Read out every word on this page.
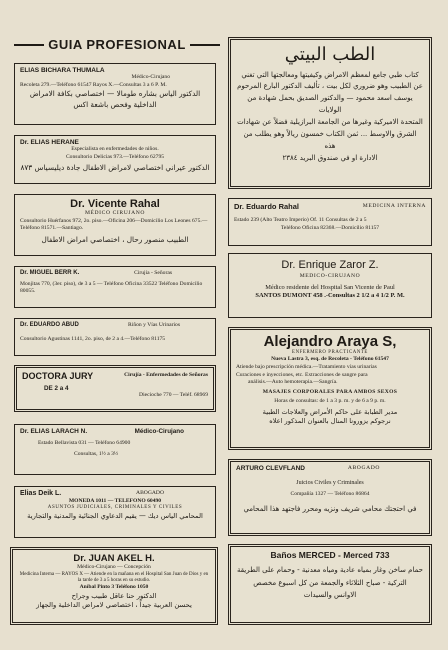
GUIA PROFESIONAL
ELIAS BICHARA THUMALA
Médico-Cirujano
Recoleta 279.—Teléfono 61547 Rayos X.—Consultas 3 a 6 P. M.
الدكتور الياس بشاره طومالا — اختصاصي بكافة الامراض
الداخلية وفحص باشعة اكس
Dr. ELIAS HERANE
Especialista en enfermedades de niños.
Consultorio Delicias 973.—Teléfono 62795
الدكتور عيراني اختصاصي لامراض الاطفال جادة ديليسياس ٨٧٣
Dr. Vicente Rahal
MÉDICO CIRUJANO
Consultorio Huérfanos 972, 2o. piso.—Oficina 206—Domicilio Los Leones 675.—Teléfono 81571.—Santiago.
الطبيب منصور رحال ، اختصاصي امراض الاطفال
Dr. MIGUEL BERR K.	Cirujía - Señoras
Monjitas 770, (3er. piso), de 3 a 5 — Teléfono Oficina 33522 Teléfono Domicilio 80055.
Dr. EDUARDO ABUD	Riñon y Vías Urinarios
Consultorio Agustinas 1141, 2o. piso, de 2 a 4.—Teléfono 81175
DOCTORA JURY	Cirujía - Enfermedades de Señoras
DE 2 a 4
Diecioche 770 — Teléf. 68969
Dr. ELIAS LARACH N.	Médico-Cirujano
Estado Bellavista 031 — Teléfono 64900
Consultas, 1½ a 3½
Elias Deik L.	ABOGADO
MONEDA 1011 — TELEFONO 60490
ASUNTOS JUDICIALES, CRIMINALES Y CIVILES
المحامي الياس ديك — يقيم الدعاوي الجنائية والمدنية والتجارية
Dr. JUAN AKEL H.
Médico-Cirujano — Concepción
Medicina Interna — RAYOS X — Atiende en la mañana en el Hospital San Juan de Dios y en la tarde de 3 a 5 horas en su estudio.
Aníbal Pinto 3 Teléfono 1050
الدكتور حنا عاقل طبيب وجراح
يحسن العربية جيداً ، اختصاصي لامراض الداخلية والجهاز
الطب البيتي
كتاب طبي جامع لمعظم الامراض وكيفيتها ومعالجتها التي تغني
عن الطبيب وهو ضروري لكل بيت ، تأليف الدكتور البارع المرحوم
يوسف اسعد محمود — والدكتور الصديق بحمل شهادة من الولايات
المتحدة الاميركية وغيرها من الجامعة البرازيلية فضلاً عن شهادات
الشرق والاوسط ... ثمن الكتاب خمسون ريالاً وهو يطلب من هذه
الادارة او في صندوق البريد ٢٣٨٤
Dr. Eduardo Rahal	MEDICINA INTERNA
Estado 239 (Alto Teatro Imperio) Of. 11 Consultas de 2 a 5
Teléfono Oficina 82368.—Domicilio 81157
Dr. Enrique Zaror Z.
MEDICO-CIRUJANO
Médico residente del Hospital San Vicente de Paul
SANTOS DUMONT 458 .-Consultas 2 1/2 a 4 1/2 P. M.
Alejandro Araya S,
ENFERMERO PRACTICANTE
Nueva Lastra 3, esq. de Recoleta - Teléfono 61547
Atiende bajo prescripción médica.—Tratamiento vías urinarias
Curaciones e inyecciones, etc. Extracciones de sangre para
análisis.—Auto hemoterapia.—Sangría.
MASAJES CORPORALES PARA AMBOS SEXOS
Horas de consultas: de 1 a 3 p. m. y de 6 a 9 p. m.
مدير الطبابة على حاكم الأمراض والعلاجات الطبية
نرجوكم يزورونا المنال بالعنوان المذكور اعلاه
ARTURO CLEVFLAND	ABOGADO
Juicios Civiles y Criminales
Compañía 1327 — Teléfono 86864
في احتجتك محامي شريف ونزيه ومحرر فاجتهد هذا المحامي
Baños MERCED - Merced 733
حمام ساخن وغار بمياه عادية ومياه معدنية - وحمام على الطريقة
التركية - صباح الثلاثاء والجمعة من كل اسبوع مخصص
الاوانس والسيدات
